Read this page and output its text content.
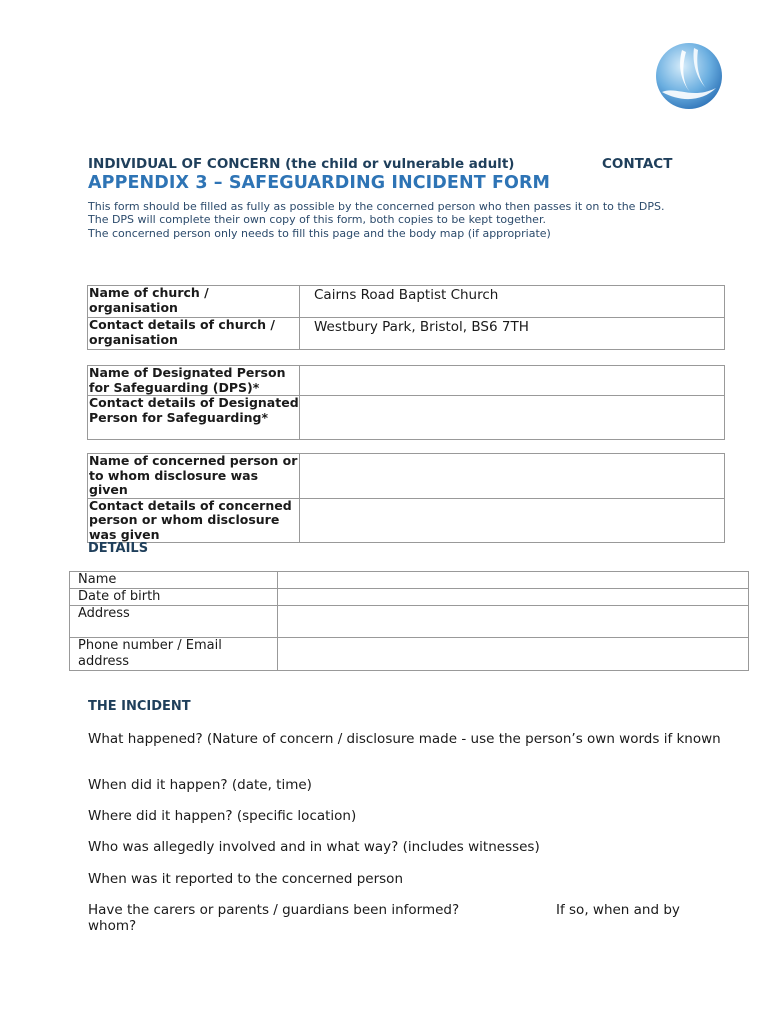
INDIVIDUAL OF CONCERN (the child or vulnerable adult)	CONTACT
APPENDIX 3 – SAFEGUARDING INCIDENT FORM
This form should be filled as fully as possible by the concerned person who then passes it on to the DPS.
The DPS will complete their own copy of this form, both copies to be kept together.
The concerned person only needs to fill this page and the body map (if appropriate)
Name of church / organisation	Cairns Road Baptist Church
Contact details of church / organisation	Westbury Park, Bristol, BS6 7TH
Name of Designated Person for Safeguarding (DPS)*	
Contact details of Designated Person for Safeguarding*	
Name of concerned person or to whom disclosure was given	
Contact details of concerned person or whom disclosure was given	
DETAILS
Name	
Date of birth	
Address	
Phone number / Email address	
THE INCIDENT
What happened? (Nature of concern / disclosure made - use the person’s own words if known
When did it happen? (date, time)
Where did it happen? (specific location)
Who was allegedly involved and in what way? (includes witnesses)
When was it reported to the concerned person
Have the carers or parents / guardians been informed?
whom?
If so, when and by
